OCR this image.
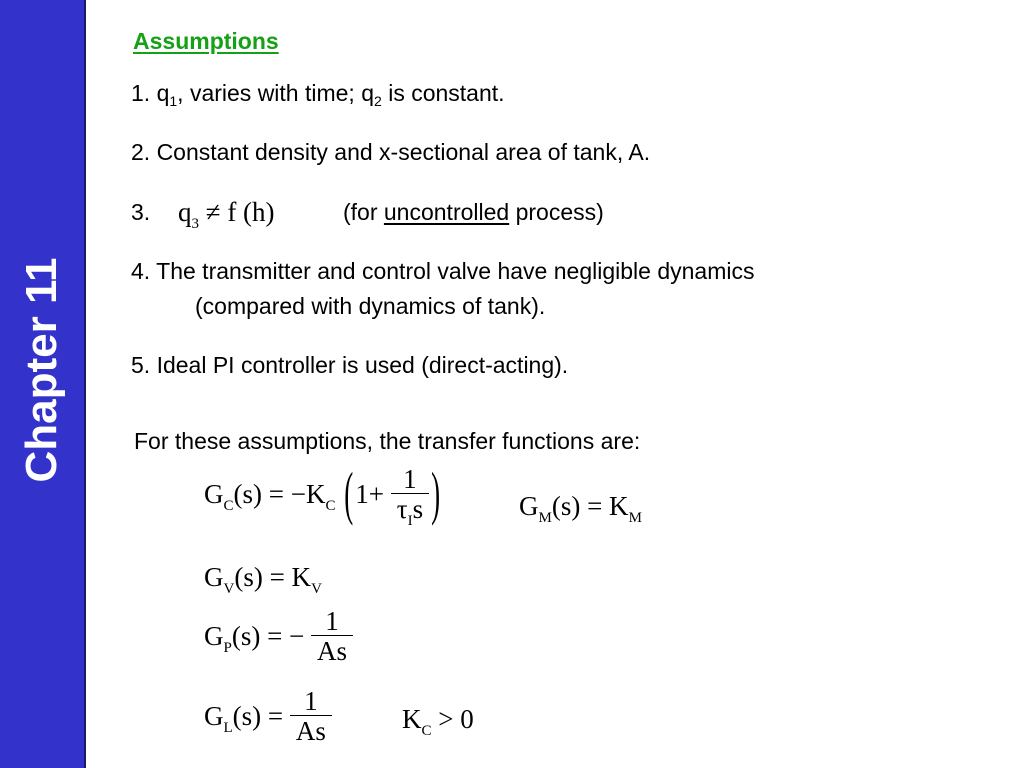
Chapter 11
Assumptions
1. $q_1$, varies with time; $q_2$ is constant.
2. Constant density and x-sectional area of tank, A.
3. $q_3 \ne f$ (h)	(for uncontrolled process)
4. The transmitter and control valve have negligible dynamics
(compared with dynamics of tank).
5. Ideal PI controller is used (direct-acting).
For these assumptions, the transfer functions are:
$G_C(s) = -K_C$ ($1+ \frac{1}{\tau_Is}$ )	$G_M(s) = K_M$
$G_V(s) = K_V$
$G_P(s)$ = − $\frac{1}{As}$
$G_L(s) = \frac{1}{As}$	$K_C > 0$
